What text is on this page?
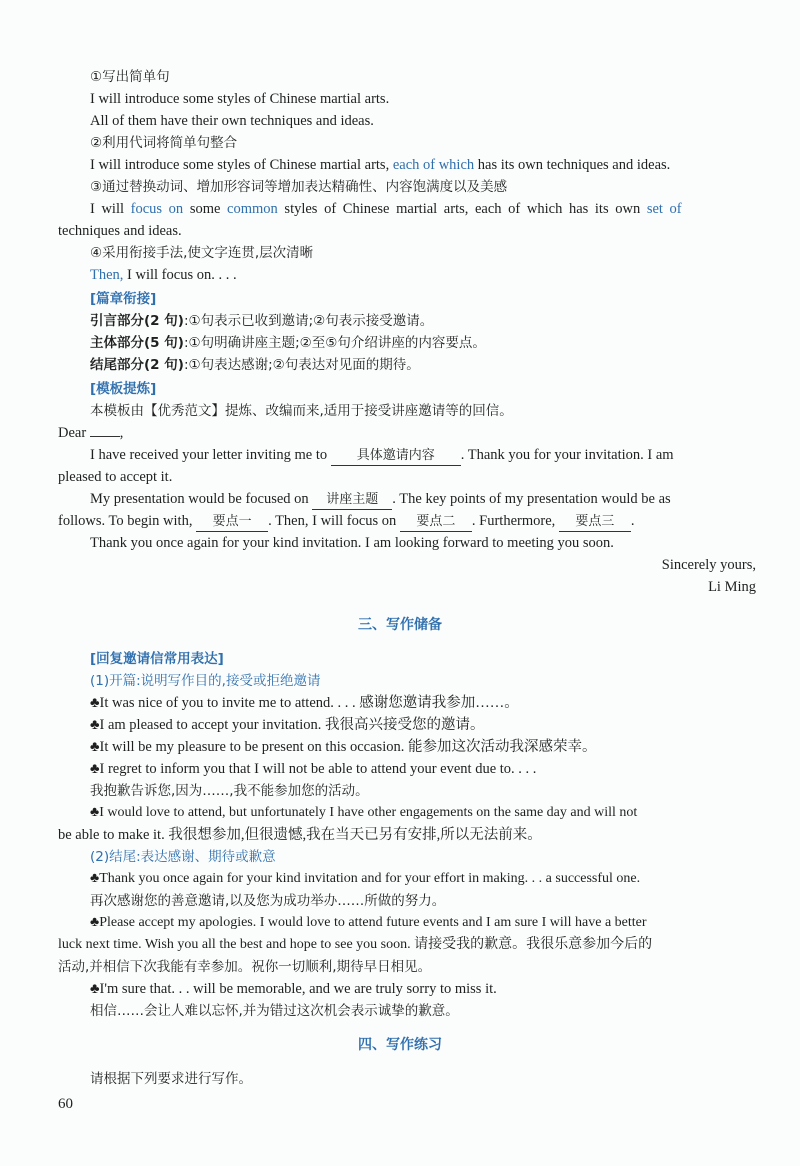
①写出简单句
I will introduce some styles of Chinese martial arts.
All of them have their own techniques and ideas.
②利用代词将简单句整合
I will introduce some styles of Chinese martial arts, each of which has its own techniques and ideas.
③通过替换动词、增加形容词等增加表达精确性、内容饱满度以及美感
I will focus on some common styles of Chinese martial arts, each of which has its own set of
techniques and ideas.
④采用衔接手法,使文字连贯,层次清晰
Then, I will focus on. . . .
[篇章衔接]
引言部分(2 句):①句表示已收到邀请;②句表示接受邀请。
主体部分(5 句):①句明确讲座主题;②至⑤句介绍讲座的内容要点。
结尾部分(2 句):①句表达感谢;②句表达对见面的期待。
[模板提炼]
本模板由【优秀范文】提炼、改编而来,适用于接受讲座邀请等的回信。
Dear ,
I have received your letter inviting me to 具体邀请内容 . Thank you for your invitation. I am
pleased to accept it.
My presentation would be focused on 讲座主题 . The key points of my presentation would be as
follows. To begin with, 要点一 . Then, I will focus on 要点二 . Furthermore, 要点三 .
Thank you once again for your kind invitation. I am looking forward to meeting you soon.
Sincerely yours,
Li Ming
三、写作储备
[回复邀请信常用表达]
(1)开篇:说明写作目的,接受或拒绝邀请
♣It was nice of you to invite me to attend. . . . 感谢您邀请我参加……。
♣I am pleased to accept your invitation. 我很高兴接受您的邀请。
♣It will be my pleasure to be present on this occasion. 能参加这次活动我深感荣幸。
♣I regret to inform you that I will not be able to attend your event due to. . . .
我抱歉告诉您,因为……,我不能参加您的活动。
♣I would love to attend, but unfortunately I have other engagements on the same day and will not
be able to make it. 我很想参加,但很遗憾,我在当天已另有安排,所以无法前来。
(2)结尾:表达感谢、期待或歉意
♣Thank you once again for your kind invitation and for your effort in making. . . a successful one.
再次感谢您的善意邀请,以及您为成功举办……所做的努力。
♣Please accept my apologies. I would love to attend future events and I am sure I will have a better
luck next time. Wish you all the best and hope to see you soon. 请接受我的歉意。我很乐意参加今后的
活动,并相信下次我能有幸参加。祝你一切顺利,期待早日相见。
♣I'm sure that. . . will be memorable, and we are truly sorry to miss it.
相信……会让人难以忘怀,并为错过这次机会表示诚挚的歉意。
四、写作练习
请根据下列要求进行写作。
60
